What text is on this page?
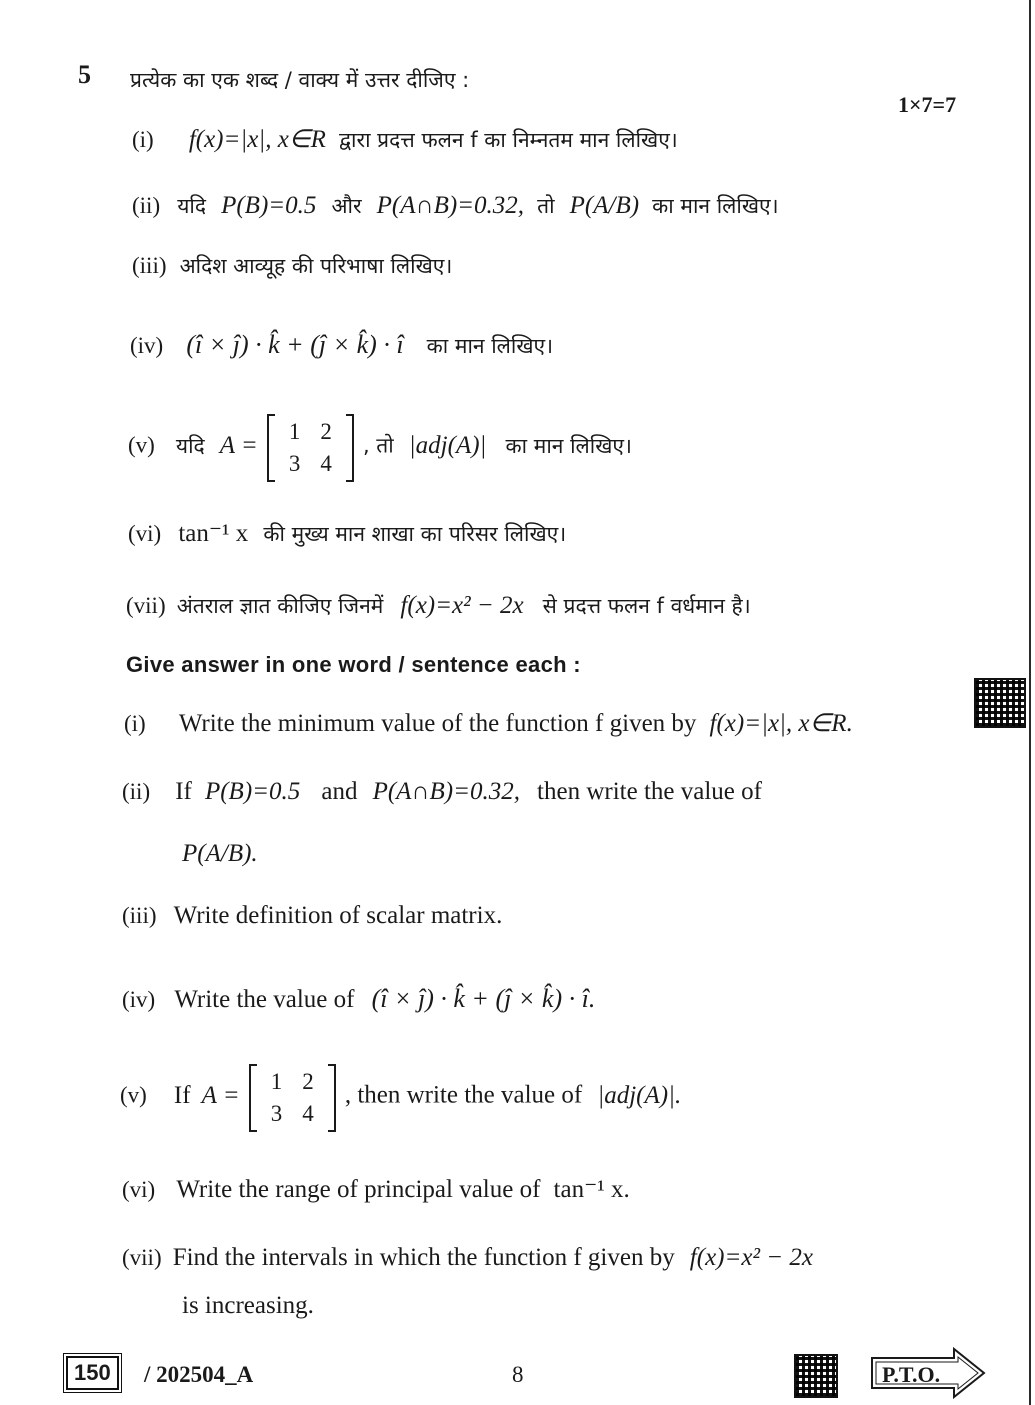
5 प्रत्येक का एक शब्द / वाक्य में उत्तर दीजिए :
1×7=7
(i) f(x)=|x|, x∈R द्वारा प्रदत्त फलन f का निम्नतम मान लिखिए।
(ii) यदि P(B)=0.5 और P(A∩B)=0.32, तो P(A/B) का मान लिखिए।
(iii) अदिश आव्यूह की परिभाषा लिखिए।
(iv) (î × ĵ) · k̂ + (ĵ × k̂) · î का मान लिखिए।
(v) यदि A = 1	2
3	4
, तो |adj(A)| का मान लिखिए।
(vi) tan⁻¹ x की मुख्य मान शाखा का परिसर लिखिए।
(vii) अंतराल ज्ञात कीजिए जिनमें f(x)=x² − 2x से प्रदत्त फलन f वर्धमान है।
Give answer in one word / sentence each :
(i) Write the minimum value of the function f given by f(x)=|x|, x∈R.
(ii) If P(B)=0.5 and P(A∩B)=0.32, then write the value of
P(A/B).
(iii) Write definition of scalar matrix.
(iv) Write the value of (î × ĵ) · k̂ + (ĵ × k̂) · î.
(v) If A = 1	2
3	4
, then write the value of |adj(A)|.
(vi) Write the range of principal value of tan⁻¹ x.
(vii) Find the intervals in which the function f given by f(x)=x² − 2x
is increasing.
150	/ 202504_A	8	P.T.O.
